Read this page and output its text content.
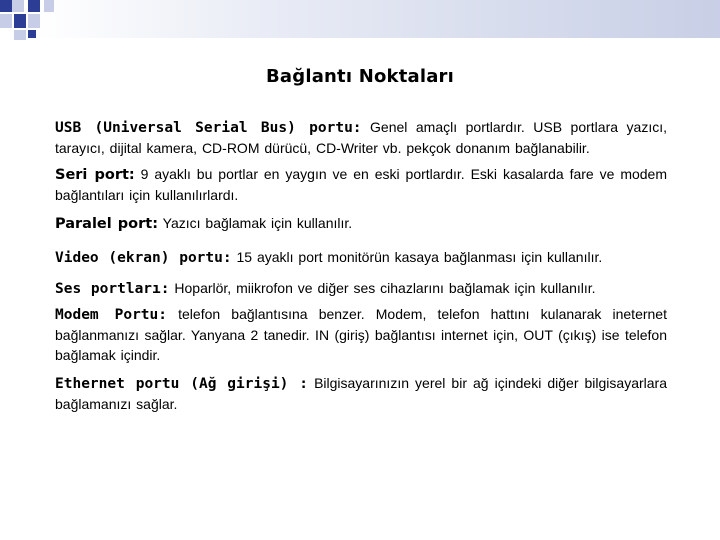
Bağlantı Noktaları

USB (Universal Serial Bus) portu: Genel amaçlı portlardır. USB portlara yazıcı, tarayıcı, dijital kamera, CD-ROM dürücü, CD-Writer vb. pekçok donanım bağlanabilir.

Seri port: 9 ayaklı bu portlar en yaygın ve en eski portlardır. Eski kasalarda fare ve modem bağlantıları için kullanılırlardı.

Paralel port: Yazıcı bağlamak için kullanılır.

Video (ekran) portu: 15 ayaklı port monitörün kasaya bağlanması için kullanılır.

Ses portları: Hoparlör, miikrofon ve diğer ses cihazlarını bağlamak için kullanılır.

Modem Portu: telefon bağlantısına benzer. Modem, telefon hattını kulanarak ineternet bağlanmanızı sağlar. Yanyana 2 tanedir. IN (giriş) bağlantısı internet için, OUT (çıkış) ise telefon bağlamak içindir.

Ethernet portu (Ağ girişi) : Bilgisayarınızın yerel bir ağ içindeki diğer bilgisayarlara bağlamanızı sağlar.
